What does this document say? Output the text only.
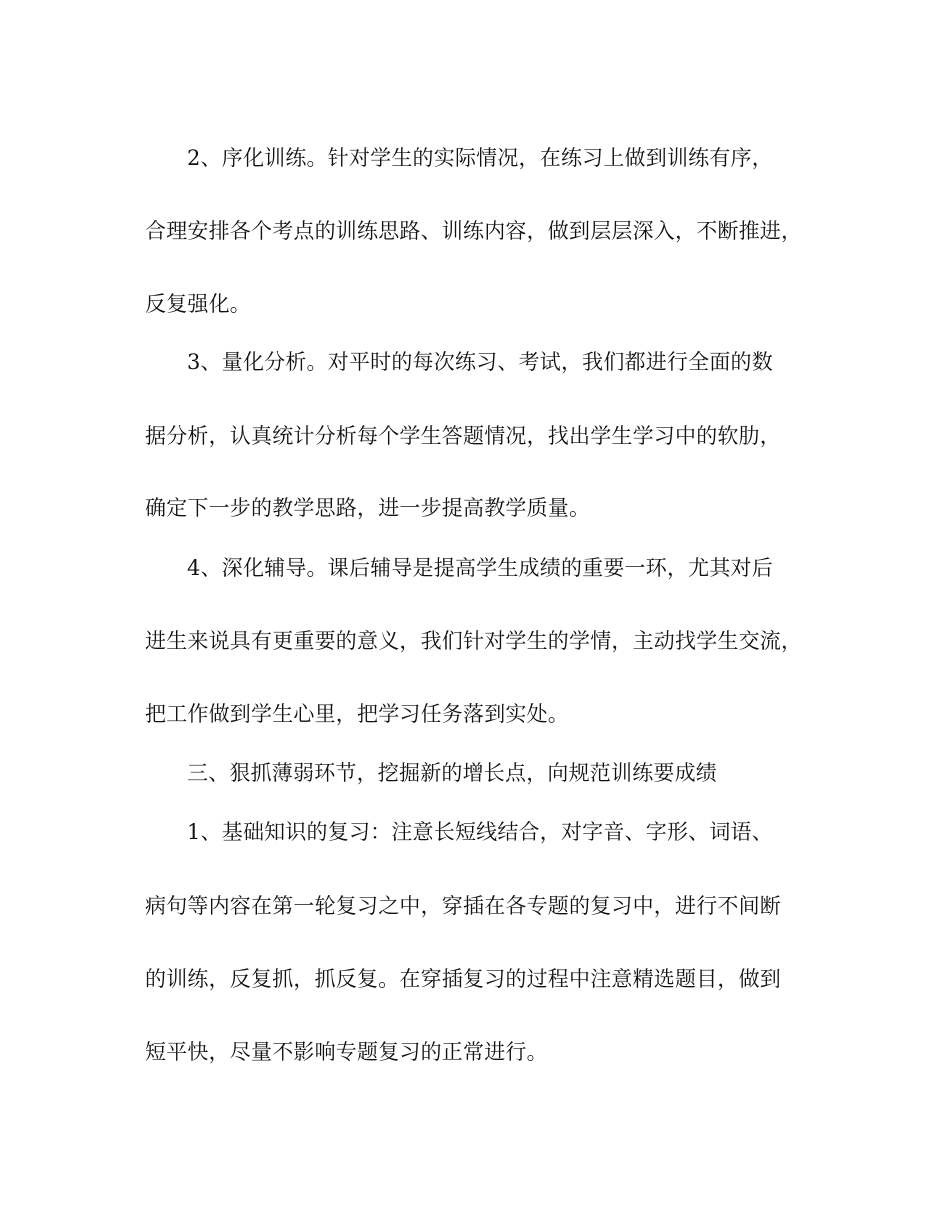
2、序化训练。针对学生的实际情况，在练习上做到训练有序，
合理安排各个考点的训练思路、训练内容，做到层层深入，不断推进，
反复强化。
3、量化分析。对平时的每次练习、考试，我们都进行全面的数
据分析，认真统计分析每个学生答题情况，找出学生学习中的软肋，
确定下一步的教学思路，进一步提高教学质量。
4、深化辅导。课后辅导是提高学生成绩的重要一环，尤其对后
进生来说具有更重要的意义，我们针对学生的学情，主动找学生交流，
把工作做到学生心里，把学习任务落到实处。
三、狠抓薄弱环节，挖掘新的增长点，向规范训练要成绩
1、基础知识的复习：注意长短线结合，对字音、字形、词语、
病句等内容在第一轮复习之中，穿插在各专题的复习中，进行不间断
的训练，反复抓，抓反复。在穿插复习的过程中注意精选题目，做到
短平快，尽量不影响专题复习的正常进行。
